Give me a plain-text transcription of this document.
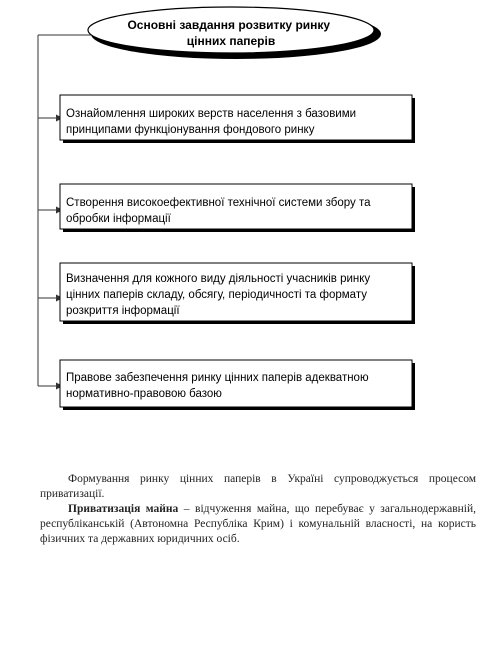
Основні завдання розвитку ринку цінних паперів
Ознайомлення широких верств населення з базовими принципами функціонування фондового ринку
Створення високоефективної технічної системи збору та обробки інформації
Визначення для кожного виду діяльності учасників ринку цінних паперів складу, обсягу, періодичності та формату розкриття інформації
Правове забезпечення ринку цінних паперів адекватною нормативно-правовою базою

Формування ринку цінних паперів в Україні супроводжується процесом приватизації.

Приватизація майна – відчуження майна, що перебуває у загальнодержавній, республіканській (Автономна Республіка Крим) і комунальній власності, на користь фізичних та державних юридичних осіб.
